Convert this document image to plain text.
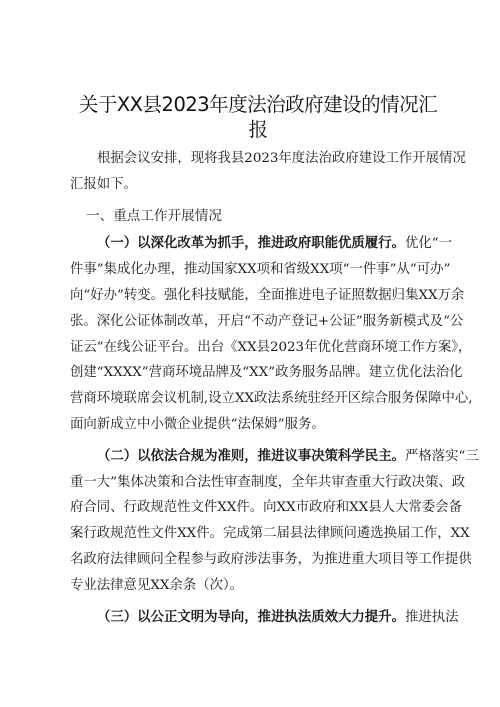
关于XX县2023年度法治政府建设的情况汇
报
根据会议安排，现将我县2023年度法治政府建设工作开展情况
汇报如下。
一、重点工作开展情况
（一）以深化改革为抓手，推进政府职能优质履行。优化“一
件事”集成化办理，推动国家XX项和省级XX项“一件事”从“可办”
向“好办”转变。强化科技赋能，全面推进电子证照数据归集XX万余
张。深化公证体制改革，开启“不动产登记+公证”服务新模式及“公
证云”在线公证平台。出台《XX县2023年优化营商环境工作方案》，
创建“XXXX”营商环境品牌及“XX”政务服务品牌。建立优化法治化
营商环境联席会议机制,设立XX政法系统驻经开区综合服务保障中心,
面向新成立中小微企业提供“法保姆”服务。
（二）以依法合规为准则，推进议事决策科学民主。严格落实“三
重一大”集体决策和合法性审查制度，全年共审查重大行政决策、政
府合同、行政规范性文件XX件。向XX市政府和XX县人大常委会备
案行政规范性文件XX件。完成第二届县法律顾问遴选换届工作，XX
名政府法律顾问全程参与政府涉法事务，为推进重大项目等工作提供
专业法律意见XX余条（次）。
（三）以公正文明为导向，推进执法质效大力提升。推进执法
